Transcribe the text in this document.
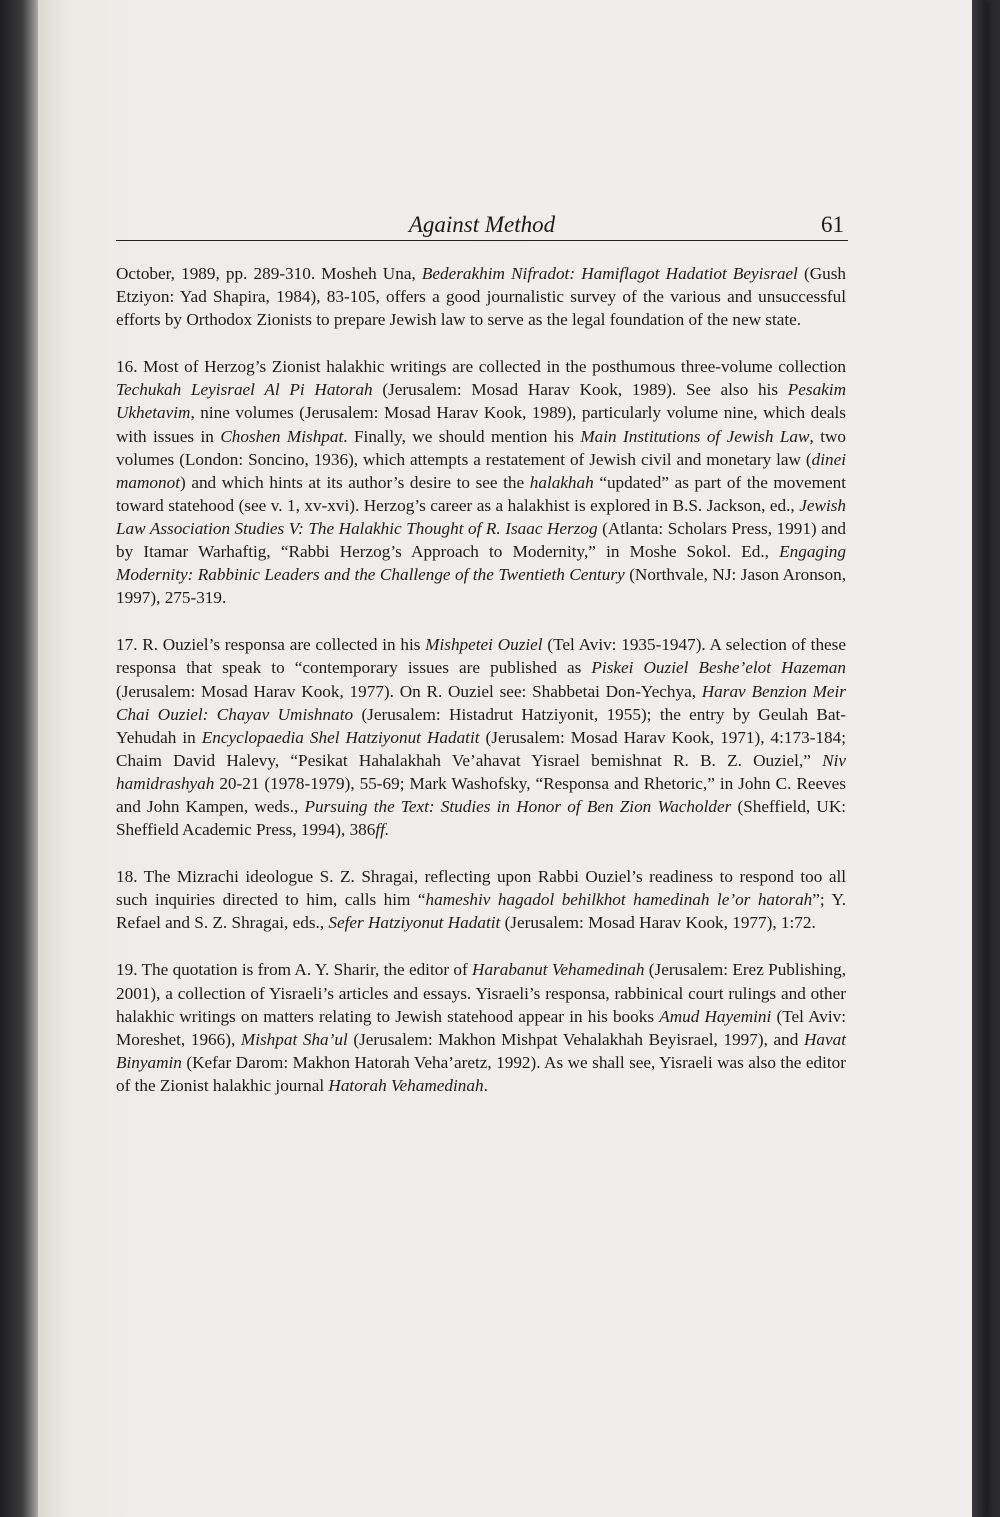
Against Method	61

October, 1989, pp. 289-310. Mosheh Una, Bederakhim Nifradot: Hamiflagot Hadatiot Beyisrael (Gush Etziyon: Yad Shapira, 1984), 83-105, offers a good journalistic survey of the various and unsuccessful efforts by Orthodox Zionists to prepare Jewish law to serve as the legal foundation of the new state.

16. Most of Herzog’s Zionist halakhic writings are collected in the posthumous three-volume collection Techukah Leyisrael Al Pi Hatorah (Jerusalem: Mosad Harav Kook, 1989). See also his Pesakim Ukhetavim, nine volumes (Jerusalem: Mosad Harav Kook, 1989), particularly volume nine, which deals with issues in Choshen Mishpat. Finally, we should mention his Main Institutions of Jewish Law, two volumes (London: Soncino, 1936), which attempts a restatement of Jewish civil and monetary law (dinei mamonot) and which hints at its author’s desire to see the halakhah “updated” as part of the movement toward statehood (see v. 1, xv-xvi). Herzog’s career as a halakhist is explored in B.S. Jackson, ed., Jewish Law Association Studies V: The Halakhic Thought of R. Isaac Herzog (Atlanta: Scholars Press, 1991) and by Itamar Warhaftig, “Rabbi Herzog’s Approach to Modernity,” in Moshe Sokol. Ed., Engaging Modernity: Rabbinic Leaders and the Challenge of the Twentieth Century (Northvale, NJ: Jason Aronson, 1997), 275-319.

17. R. Ouziel’s responsa are collected in his Mishpetei Ouziel (Tel Aviv: 1935-1947). A selection of these responsa that speak to “contemporary issues are published as Piskei Ouziel Beshe’elot Hazeman (Jerusalem: Mosad Harav Kook, 1977). On R. Ouziel see: Shabbetai Don-Yechya, Harav Benzion Meir Chai Ouziel: Chayav Umishnato (Jerusalem: Histadrut Hatziyonit, 1955); the entry by Geulah Bat-Yehudah in Encyclopaedia Shel Hatziyonut Hadatit (Jerusalem: Mosad Harav Kook, 1971), 4:173-184; Chaim David Halevy, “Pesikat Hahalakhah Ve’ahavat Yisrael bemishnat R. B. Z. Ouziel,” Niv hamidrashyah 20-21 (1978-1979), 55-69; Mark Washofsky, “Responsa and Rhetoric,” in John C. Reeves and John Kampen, weds., Pursuing the Text: Studies in Honor of Ben Zion Wacholder (Sheffield, UK: Sheffield Academic Press, 1994), 386ff.

18. The Mizrachi ideologue S. Z. Shragai, reflecting upon Rabbi Ouziel’s readiness to respond too all such inquiries directed to him, calls him “hameshiv hagadol behilkhot hamedinah le’or hatorah”; Y. Refael and S. Z. Shragai, eds., Sefer Hatziyonut Hadatit (Jerusalem: Mosad Harav Kook, 1977), 1:72.

19. The quotation is from A. Y. Sharir, the editor of Harabanut Vehamedinah (Jerusalem: Erez Publishing, 2001), a collection of Yisraeli’s articles and essays. Yisraeli’s responsa, rabbinical court rulings and other halakhic writings on matters relating to Jewish statehood appear in his books Amud Hayemini (Tel Aviv: Moreshet, 1966), Mishpat Sha’ul (Jerusalem: Makhon Mishpat Vehalakhah Beyisrael, 1997), and Havat Binyamin (Kefar Darom: Makhon Hatorah Veha’aretz, 1992). As we shall see, Yisraeli was also the editor of the Zionist halakhic journal Hatorah Vehamedinah.
